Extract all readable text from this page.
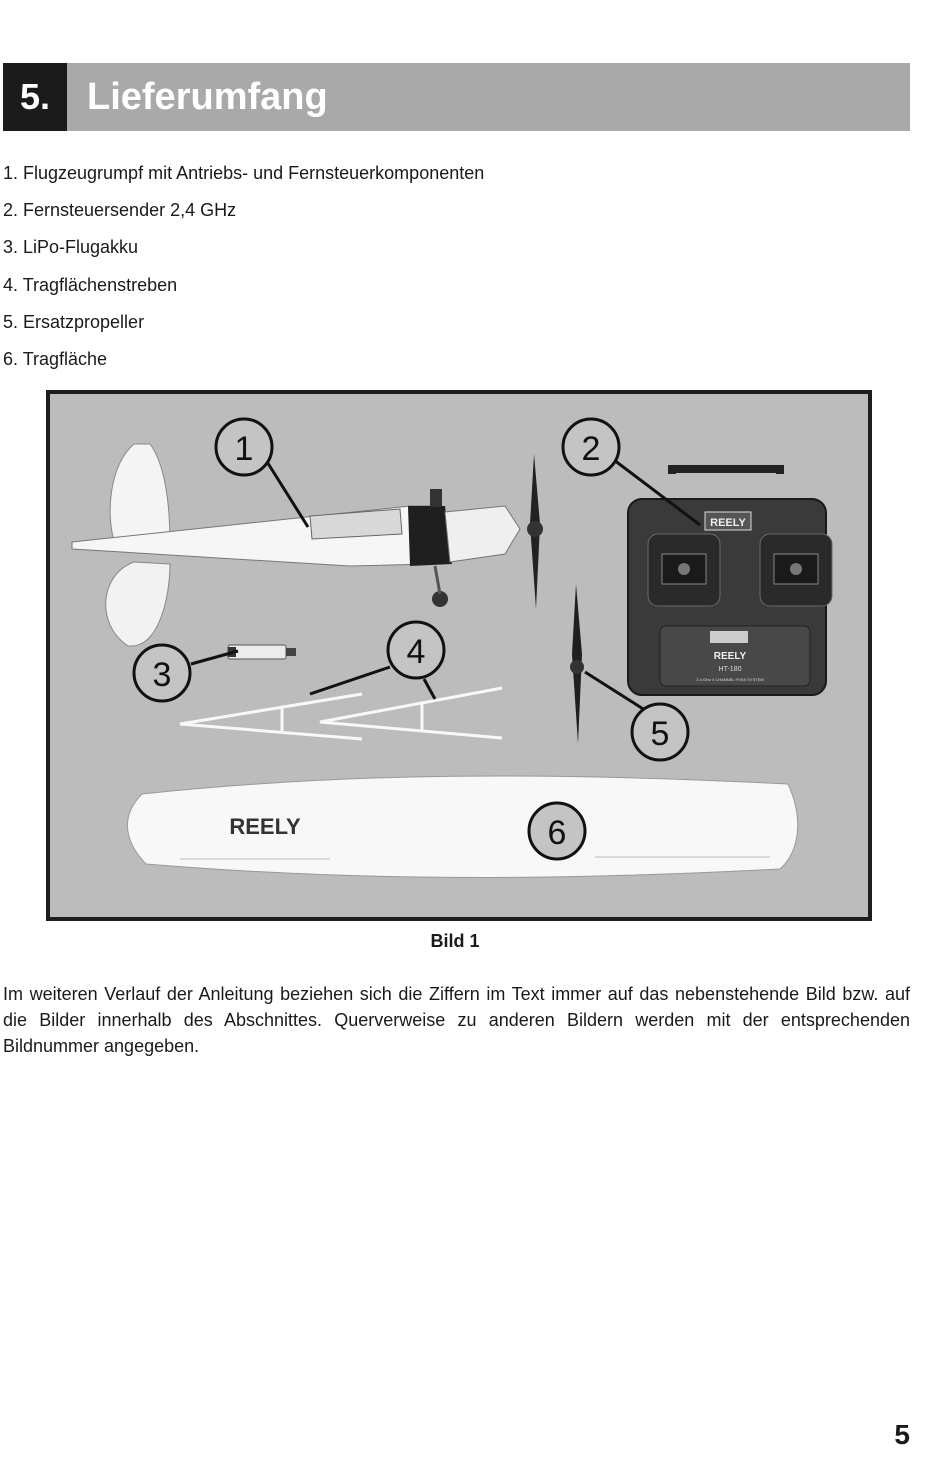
5. Lieferumfang
1. Flugzeugrumpf mit Antriebs- und Fernsteuerkomponenten
2. Fernsteuersender 2,4 GHz
3. LiPo-Flugakku
4. Tragflächenstreben
5. Ersatzpropeller
6. Tragfläche
REELY
REELY
HT-180
2.4 GHz 4 CHANNEL FHSS SYSTEM
REELY
1	2
3
4
5
6
Bild 1

Im weiteren Verlauf der Anleitung beziehen sich die Ziffern im Text immer auf das nebenstehende Bild bzw. auf die Bilder innerhalb des Abschnittes. Querverweise zu anderen Bildern werden mit der entsprechenden Bildnummer angegeben.

5
